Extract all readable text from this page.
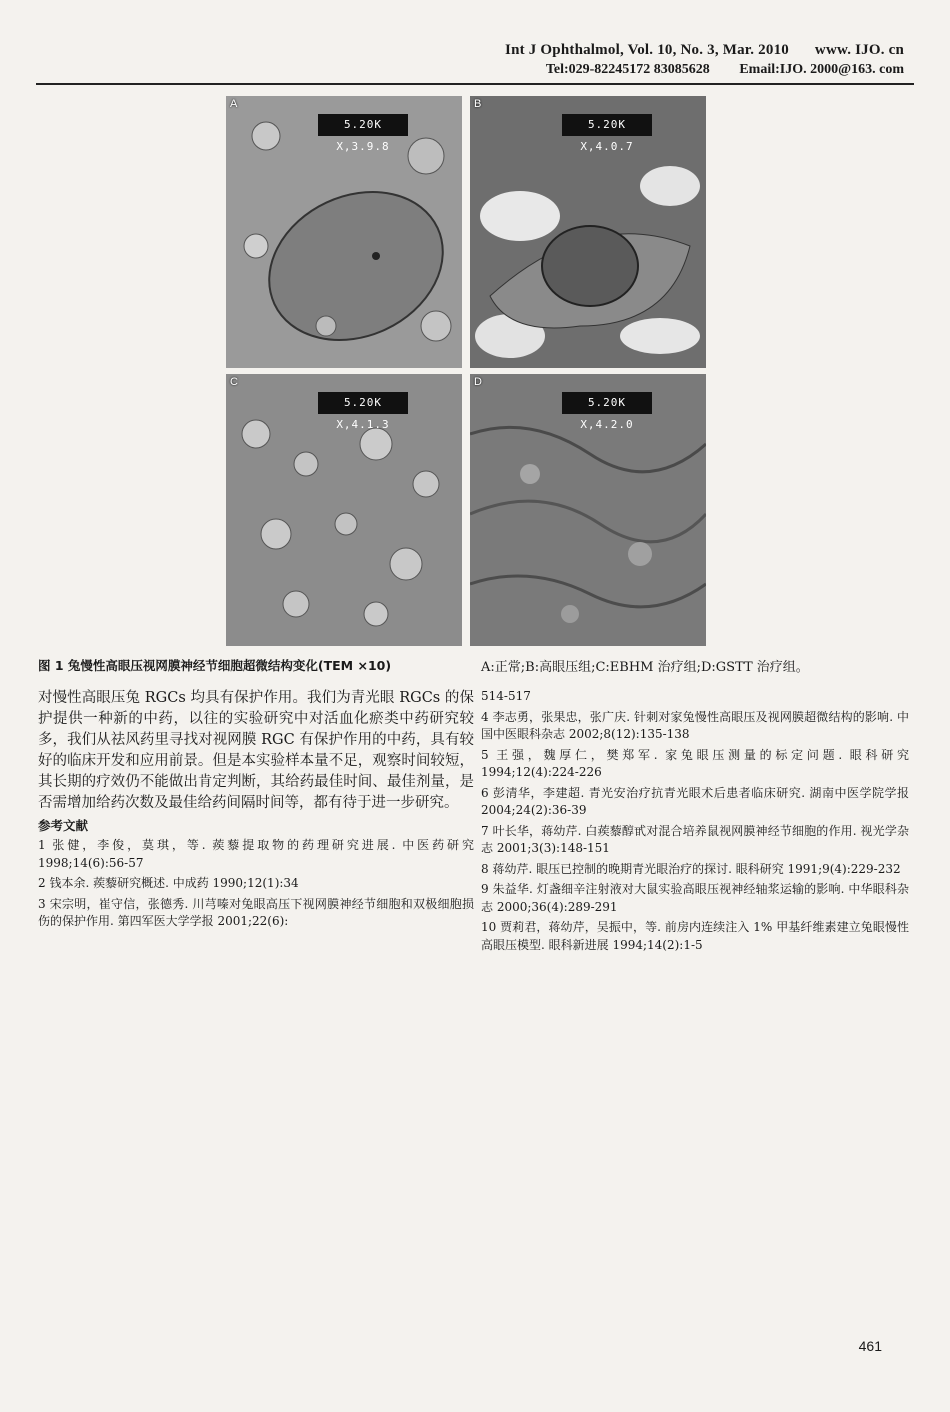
Int J Ophthalmol, Vol. 10, No. 3, Mar. 2010 www. IJO. cn
Tel:029-82245172 83085628 Email:IJO. 2000@163. com
A
5.20K X,3.9.8
B
5.20K X,4.0.7
C
5.20K X,4.1.3
D
5.20K X,4.2.0
图 1 兔慢性高眼压视网膜神经节细胞超微结构变化(TEM ×10)	A:正常;B:高眼压组;C:EBHM 治疗组;D:GSTT 治疗组。

对慢性高眼压兔 RGCs 均具有保护作用。我们为青光眼 RGCs 的保护提供一种新的中药，以往的实验研究中对活血化瘀类中药研究较多，我们从祛风药里寻找对视网膜 RGC 有保护作用的中药，具有较好的临床开发和应用前景。但是本实验样本量不足，观察时间较短，其长期的疗效仍不能做出肯定判断，其给药最佳时间、最佳剂量，是否需增加给药次数及最佳给药间隔时间等，都有待于进一步研究。

参考文献

1 张健，李俊，莫琪，等. 蒺藜提取物的药理研究进展. 中医药研究 1998;14(6):56-57

2 钱本余. 蒺藜研究概述. 中成药 1990;12(1):34

3 宋宗明，崔守信，张德秀. 川芎嗪对兔眼高压下视网膜神经节细胞和双极细胞损伤的保护作用. 第四军医大学学报 2001;22(6):

514-517

4 李志勇，张果忠，张广庆. 针刺对家兔慢性高眼压及视网膜超微结构的影响. 中国中医眼科杂志 2002;8(12):135-138

5 王强，魏厚仁，樊郑军. 家兔眼压测量的标定问题. 眼科研究 1994;12(4):224-226

6 彭清华，李建超. 青光安治疗抗青光眼术后患者临床研究. 湖南中医学院学报 2004;24(2):36-39

7 叶长华，蒋幼芹. 白蒺藜醇甙对混合培养鼠视网膜神经节细胞的作用. 视光学杂志 2001;3(3):148-151

8 蒋幼芹. 眼压已控制的晚期青光眼治疗的探讨. 眼科研究 1991;9(4):229-232

9 朱益华. 灯盏细辛注射液对大鼠实验高眼压视神经轴浆运输的影响. 中华眼科杂志 2000;36(4):289-291

10 贾莉君，蒋幼芹，吴振中，等. 前房内连续注入 1% 甲基纤维素建立兔眼慢性高眼压模型. 眼科新进展 1994;14(2):1-5

461
